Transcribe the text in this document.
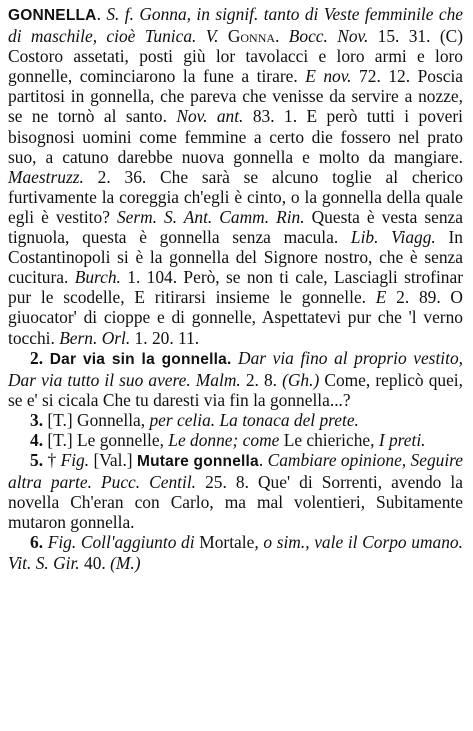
GONNELLA. S. f. Gonna, in signif. tanto di Veste femminile che di maschile, cioè Tunica. V. Gonna. Bocc. Nov. 15. 31. (C) Costoro assetati, posti giù lor tavolacci e loro armi e loro gonnelle, cominciarono la fune a tirare. E nov. 72. 12. Poscia partitosi in gonnella, che pareva che venisse da servire a nozze, se ne tornò al santo. Nov. ant. 83. 1. E però tutti i poveri bisognosi uomini come femmine a certo die fossero nel prato suo, a catuno darebbe nuova gonnella e molto da mangiare. Maestruzz. 2. 36. Che sarà se alcuno toglie al cherico furtivamente la coreggia ch'egli è cinto, o la gonnella della quale egli è vestito? Serm. S. Ant. Camm. Rin. Questa è vesta senza tignuola, questa è gonnella senza macula. Lib. Viagg. In Costantinopoli si è la gonnella del Signore nostro, che è senza cucitura. Burch. 1. 104. Però, se non ti cale, Lasciagli strofinar pur le scodelle, E ritirarsi insieme le gonnelle. E 2. 89. O giuocator' di cioppe e di gonnelle, Aspettatevi pur che 'l verno tocchi. Bern. Orl. 1. 20. 11.

2. Dar via sin la gonnella. Dar via fino al proprio vestito, Dar via tutto il suo avere. Malm. 2. 8. (Gh.) Come, replicò quei, se e' si cicala Che tu daresti via fin la gonnella...?

3. [T.] Gonnella, per celia. La tonaca del prete.

4. [T.] Le gonnelle, Le donne; come Le chieriche, I preti.

5. † Fig. [Val.] Mutare gonnella. Cambiare opinione, Seguire altra parte. Pucc. Centil. 25. 8. Que' di Sorrenti, avendo la novella Ch'eran con Carlo, ma mal volentieri, Subitamente mutaron gonnella.

6. Fig. Coll'aggiunto di Mortale, o sim., vale il Corpo umano. Vit. S. Gir. 40. (M.)
